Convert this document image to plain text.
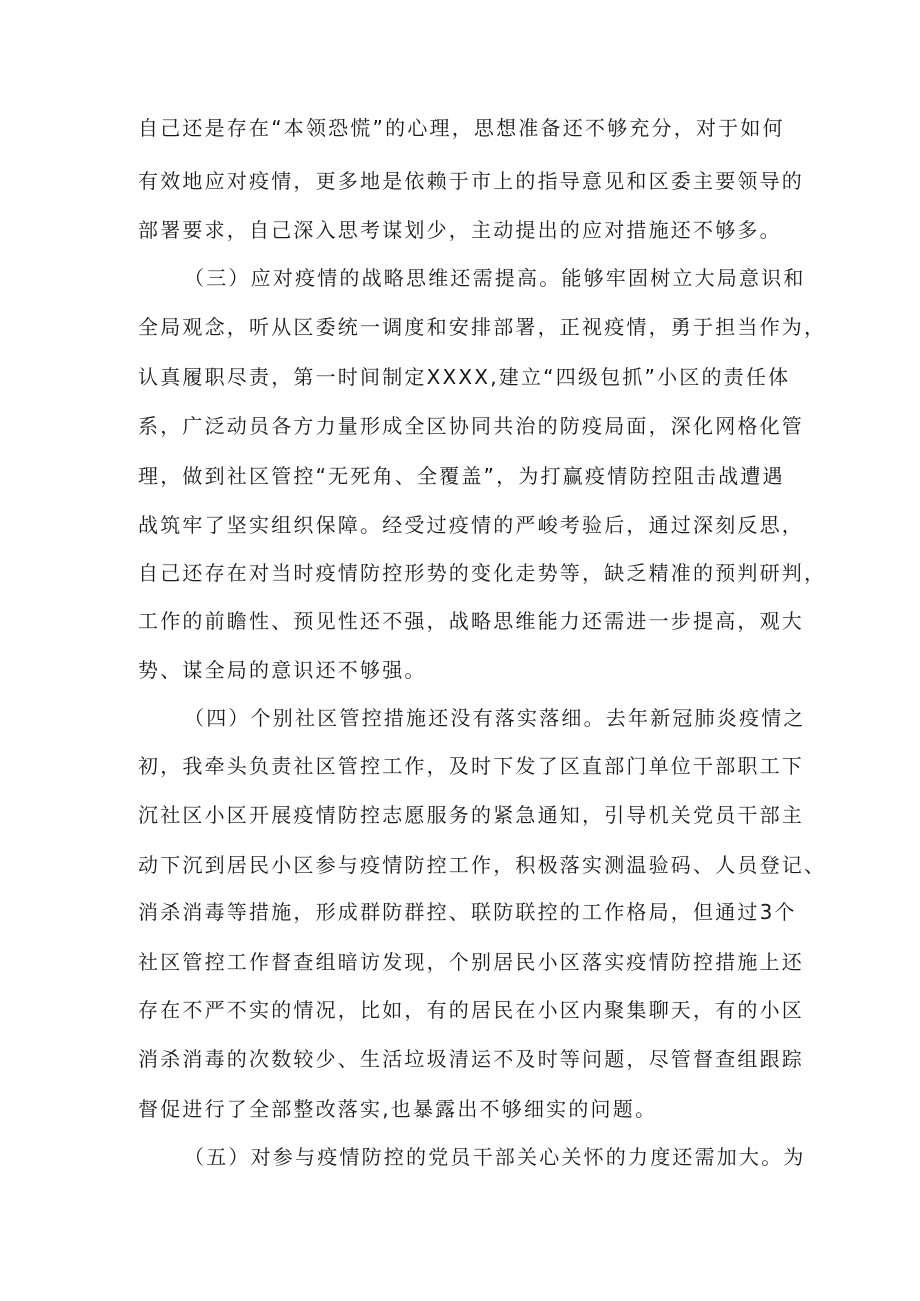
自己还是存在“本领恐慌”的心理，思想准备还不够充分，对于如何
有效地应对疫情，更多地是依赖于市上的指导意见和区委主要领导的
部署要求，自己深入思考谋划少，主动提出的应对措施还不够多。
（三）应对疫情的战略思维还需提高。能够牢固树立大局意识和
全局观念，听从区委统一调度和安排部署，正视疫情，勇于担当作为，
认真履职尽责，第一时间制定XXXX,建立“四级包抓”小区的责任体
系，广泛动员各方力量形成全区协同共治的防疫局面，深化网格化管
理，做到社区管控“无死角、全覆盖”，为打赢疫情防控阻击战遭遇
战筑牢了坚实组织保障。经受过疫情的严峻考验后，通过深刻反思，
自己还存在对当时疫情防控形势的变化走势等，缺乏精准的预判研判，
工作的前瞻性、预见性还不强，战略思维能力还需进一步提高，观大
势、谋全局的意识还不够强。
（四）个别社区管控措施还没有落实落细。去年新冠肺炎疫情之
初，我牵头负责社区管控工作，及时下发了区直部门单位干部职工下
沉社区小区开展疫情防控志愿服务的紧急通知，引导机关党员干部主
动下沉到居民小区参与疫情防控工作，积极落实测温验码、人员登记、
消杀消毒等措施，形成群防群控、联防联控的工作格局，但通过3个
社区管控工作督查组暗访发现，个别居民小区落实疫情防控措施上还
存在不严不实的情况，比如，有的居民在小区内聚集聊天，有的小区
消杀消毒的次数较少、生活垃圾清运不及时等问题，尽管督查组跟踪
督促进行了全部整改落实,也暴露出不够细实的问题。
（五）对参与疫情防控的党员干部关心关怀的力度还需加大。为
